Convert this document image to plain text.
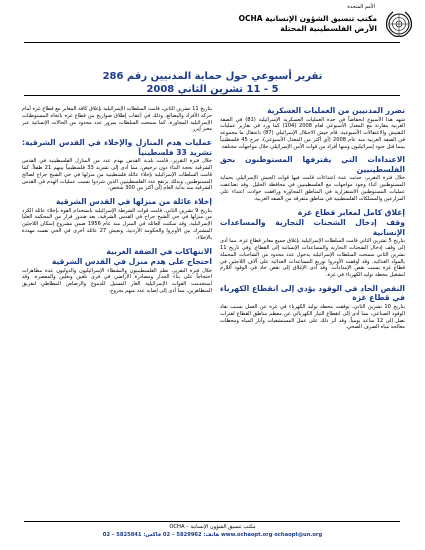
الأمم المتحدة
مكتب تنسيق الشؤون الإنسانية OCHA
الأرض الفلسطينية المحتلة
تقرير أسبوعي حول حماية المدنيين رقم 286
5 - 11 تشرين الثاني 2008
تضرر المدنيين من العمليات العسكرية

شهد هذا الأسبوع انخفاضاً في حدة العمليات العسكرية الإسرائيلية (81) في الضفة الغربية مقارنة مع المعدل الأسبوعي لعام 2008 (104) كما ورد في تقارير عمليات التفتيش والاعتقالات الأسبوعية. قام جيش الاحتلال الإسرائيلي (87) باعتقال ما مجموعه في الضفة الغربية منذ عام 2008 (أي أكثر من المعدل الأسبوعي)، جرح 45 فلسطينياً بينما قتل جنود إسرائيليون ومنها أفراد من قوات الأمن الإسرائيلي خلال مواجهات مختلفة.

الاعتداءات التي يقترفها المستوطنون بحق الفلسطينيين

خلال فترة التقرير، حدثت عدة اعتداءات قامت فيها قوات الجيش الإسرائيلي بحماية المستوطنين أثناء وجود مواجهات مع الفلسطينيين في محافظة الخليل. وقد تضاعفت عمليات المستوطنين الاستفزازية في المناطق المجاورة ورافقت حوادث اعتداء على المزارعين والممتلكات الفلسطينية في مناطق متفرقة من الضفة الغربية.

إغلاق كامل لمعابر قطاع غزة
وقف إدخال الشحنات التجارية والمساعدات الإنسانية

بتاريخ 5 تشرين الثاني قامت السلطات الإسرائيلية بإغلاق جميع معابر قطاع غزة، مما أدى إلى وقف إدخال الشحنات التجارية والمساعدات الإنسانية إلى القطاع. وفي تاريخ 11 تشرين الثاني سمحت السلطات الإسرائيلية بدخول عدد محدود من الشاحنات المحملة بالمواد الغذائية. وقد أوقفت الأونروا توزيع المساعدات الغذائية على آلاف اللاجئين في قطاع غزة بسبب نقص الإمدادات. وقد أدى الإغلاق إلى نقص حاد في الوقود اللازم لتشغيل محطة توليد الكهرباء في غزة.

النقص الحاد في الوقود يؤدي إلى انقطاع الكهرباء في قطاع غزة

بتاريخ 10 تشرين الثاني، توقفت محطة توليد الكهرباء في غزة عن العمل بسبب نفاد الوقود الصناعي، مما أدى إلى انقطاع التيار الكهربائي عن معظم مناطق القطاع لفترات تصل إلى 12 ساعة يومياً. وقد أثر ذلك على عمل المستشفيات وآبار المياه ومحطات معالجة مياه الصرف الصحي.

بتاريخ 11 تشرين الثاني، قامت السلطات الإسرائيلية بإغلاق كافة المعابر مع قطاع غزة أمام حركة الأفراد والبضائع، وذلك في أعقاب إطلاق صواريخ من قطاع غزة باتجاه المستوطنات الإسرائيلية المجاورة. كما سمحت السلطات بمرور عدد محدود من الحالات الإنسانية عبر معبر إيرز.

عمليات هدم المنازل والإخلاء في القدس الشرقية: تشريد 33 فلسطينياً

خلال فترة التقرير، قامت بلدية القدس بهدم عدد من المنازل الفلسطينية في القدس الشرقية بحجة البناء دون ترخيص، مما أدى إلى تشريد 33 فلسطينياً بينهم 21 طفلاً. كما قامت السلطات الإسرائيلية بإخلاء عائلة فلسطينية من منزلها في حي الشيخ جراح لصالح المستوطنين. وبذلك يرتفع عدد الفلسطينيين الذين شردوا بسبب عمليات الهدم في القدس الشرقية منذ بداية العام إلى أكثر من 300 شخص.

إخلاء عائلة من منزلها في القدس الشرقية

بتاريخ 9 تشرين الثاني، قامت قوات الشرطة الإسرائيلية باستخدام القوة بإخلاء عائلة الكرد من منزلها في حي الشيخ جراح في القدس الشرقية، بعد صدور قرار من المحكمة العليا الإسرائيلية. وقد سكنت العائلة في المنزل منذ عام 1956 ضمن مشروع إسكان اللاجئين المشترك بين الأونروا والحكومة الأردنية. وتعيش 27 عائلة أخرى في الحي نفسه مهددة بالإخلاء.

الانتهاكات في الضفة الغربية
احتجاج على هدم منزل في القدس الشرقية

خلال فترة التقرير، نظم الفلسطينيون والنشطاء الإسرائيليون والدوليون عدة مظاهرات احتجاجاً على بناء الجدار ومصادرة الأراضي في قرى بلعين ونعلين والمعصرة. وقد استخدمت القوات الإسرائيلية الغاز المسيل للدموع والرصاص المطاطي لتفريق المتظاهرين، مما أدى إلى إصابة عدد منهم بجروح.

مكتب تنسيق الشؤون الإنسانية – OCHA
www.ochaopt.org ochaopt@un.org هاتف: 5829962 – 02 فاكس: 5825841 – 02
